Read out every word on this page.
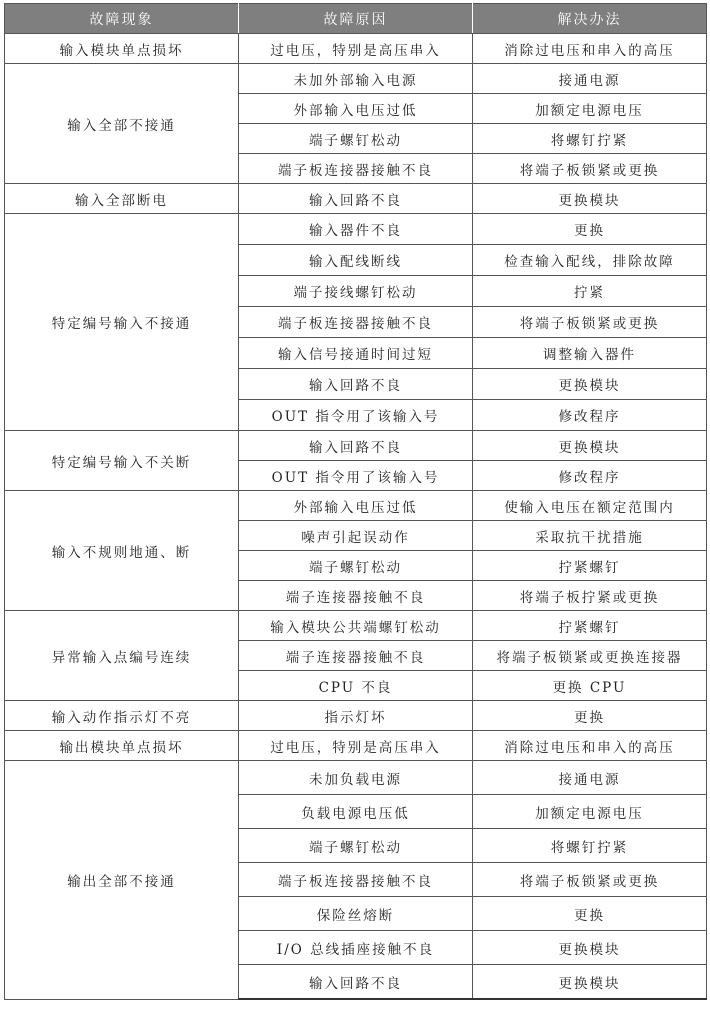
故障现象	故障原因	解决办法
输入模块单点损坏	过电压，特别是高压串入	消除过电压和串入的高压
输入全部不接通	未加外部输入电源	接通电源
	外部输入电压过低	加额定电源电压
	端子螺钉松动	将螺钉拧紧
	端子板连接器接触不良	将端子板锁紧或更换
输入全部断电	输入回路不良	更换模块
特定编号输入不接通	输入器件不良	更换
	输入配线断线	检查输入配线，排除故障
	端子接线螺钉松动	拧紧
	端子板连接器接触不良	将端子板锁紧或更换
	输入信号接通时间过短	调整输入器件
	输入回路不良	更换模块
	OUT 指令用了该输入号	修改程序
特定编号输入不关断	输入回路不良	更换模块
	OUT 指令用了该输入号	修改程序
输入不规则地通、断	外部输入电压过低	使输入电压在额定范围内
	噪声引起误动作	采取抗干扰措施
	端子螺钉松动	拧紧螺钉
	端子连接器接触不良	将端子板拧紧或更换
异常输入点编号连续	输入模块公共端螺钉松动	拧紧螺钉
	端子连接器接触不良	将端子板锁紧或更换连接器
	CPU 不良	更换 CPU
输入动作指示灯不亮	指示灯坏	更换
输出模块单点损坏	过电压，特别是高压串入	消除过电压和串入的高压
输出全部不接通	未加负载电源	接通电源
	负载电源电压低	加额定电源电压
	端子螺钉松动	将螺钉拧紧
	端子板连接器接触不良	将端子板锁紧或更换
	保险丝熔断	更换
	I/O 总线插座接触不良	更换模块
	输入回路不良	更换模块
